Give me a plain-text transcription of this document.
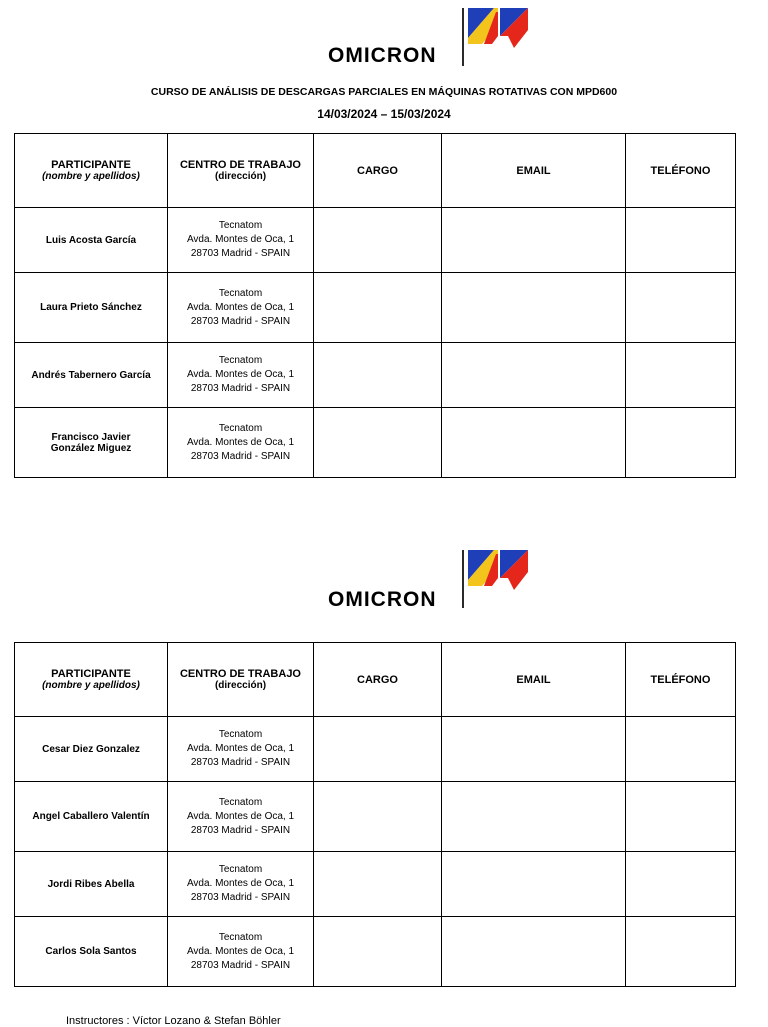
OMICRON
CURSO DE ANÁLISIS DE DESCARGAS PARCIALES EN MÁQUINAS ROTATIVAS CON MPD600
14/03/2024 – 15/03/2024
PARTICIPANTE
(nombre y apellidos)	CENTRO DE TRABAJO
(dirección)	CARGO	EMAIL	TELÉFONO
Luis Acosta García	Tecnatom
Avda. Montes de Oca, 1
28703 Madrid - SPAIN			

Laura Prieto Sánchez	Tecnatom
Avda. Montes de Oca, 1
28703 Madrid - SPAIN			

Andrés Tabernero García	Tecnatom
Avda. Montes de Oca, 1
28703 Madrid - SPAIN			

Francisco Javier
González Miguez	Tecnatom
Avda. Montes de Oca, 1
28703 Madrid - SPAIN			

OMICRON
PARTICIPANTE
(nombre y apellidos)	CENTRO DE TRABAJO
(dirección)	CARGO	EMAIL	TELÉFONO
Cesar Diez Gonzalez	Tecnatom
Avda. Montes de Oca, 1
28703 Madrid - SPAIN			

Angel Caballero Valentín	Tecnatom
Avda. Montes de Oca, 1
28703 Madrid - SPAIN			

Jordi Ribes Abella	Tecnatom
Avda. Montes de Oca, 1
28703 Madrid - SPAIN			

Carlos Sola Santos	Tecnatom
Avda. Montes de Oca, 1
28703 Madrid - SPAIN			

Instructores : Víctor Lozano & Stefan Böhler
